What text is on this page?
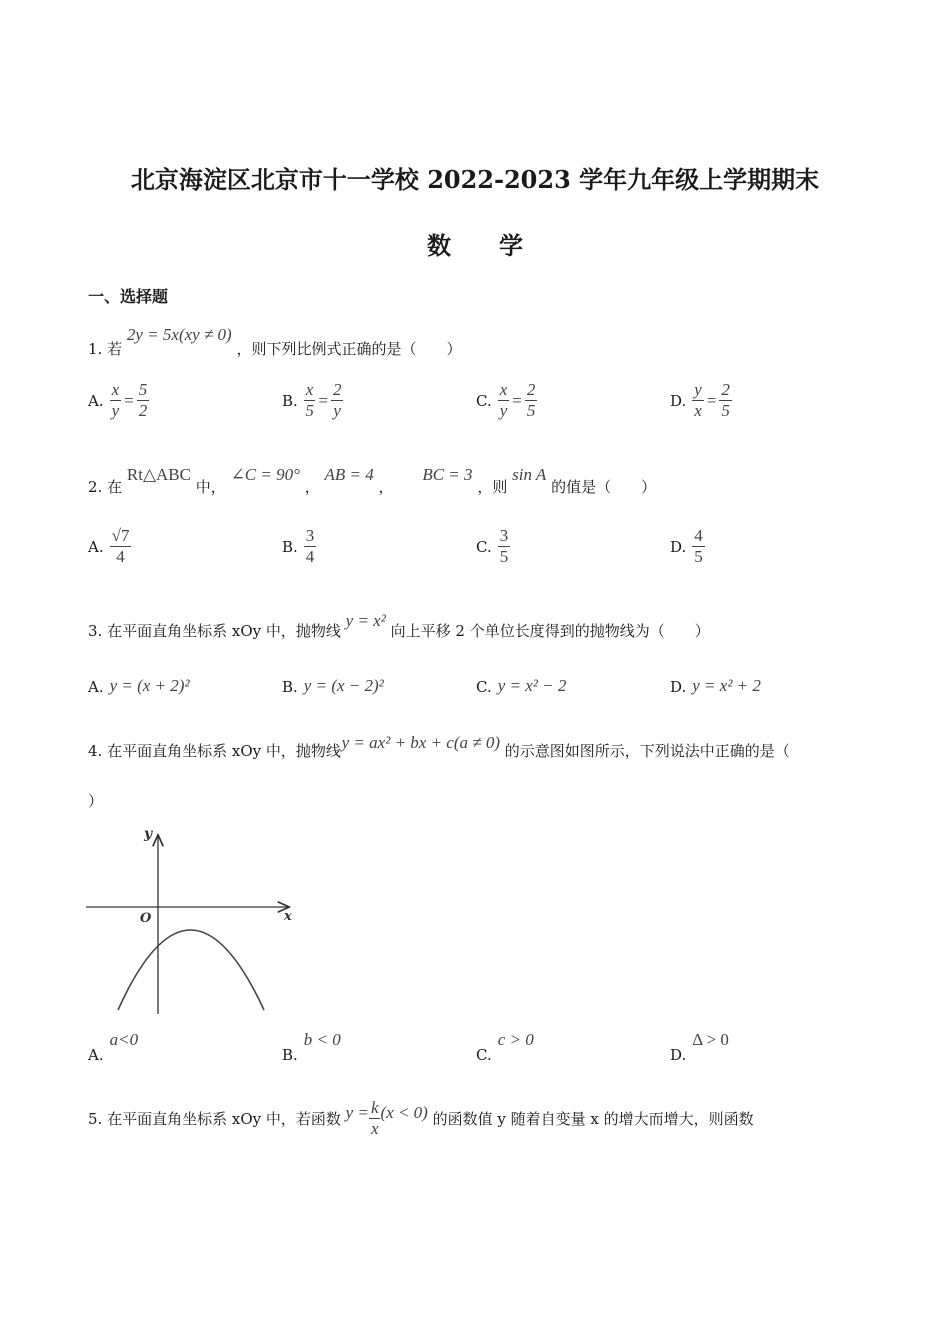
北京海淀区北京市十一学校 2022-2023 学年九年级上学期期末
数　　学
一、选择题
1. 若 2y = 5x(xy ≠ 0) ，则下列比例式正确的是（　　）
A. $\frac{x}{y} = \frac{5}{2}$	B. $\frac{x}{5} = \frac{2}{y}$	C. $\frac{x}{y} = \frac{2}{5}$	D. $\frac{y}{x} = \frac{2}{5}$
2. 在 Rt△ABC 中， ∠C = 90° ， AB = 4 ， BC = 3 ，则 sin A 的值是（　　）
A. $\frac{√7}{4}$	B. $\frac{3}{4}$	C. $\frac{3}{5}$	D. $\frac{4}{5}$
3. 在平面直角坐标系 xOy 中，抛物线 y = x² 向上平移 2 个单位长度得到的抛物线为（　　）
A. y = (x + 2)²	B. y = (x − 2)²	C. y = x² − 2	D. y = x² + 2
4. 在平面直角坐标系 xOy 中，抛物线 y = ax² + bx + c(a ≠ 0) 的示意图如图所示，下列说法中正确的是（
）
y
x
O
A.a<0
B.b < 0
C.c > 0
D.Δ > 0
5. 在平面直角坐标系 xOy 中，若函数 $y = \frac{k}{x} (x < 0)$ 的函数值 y 随着自变量 x 的增大而增大，则函数
